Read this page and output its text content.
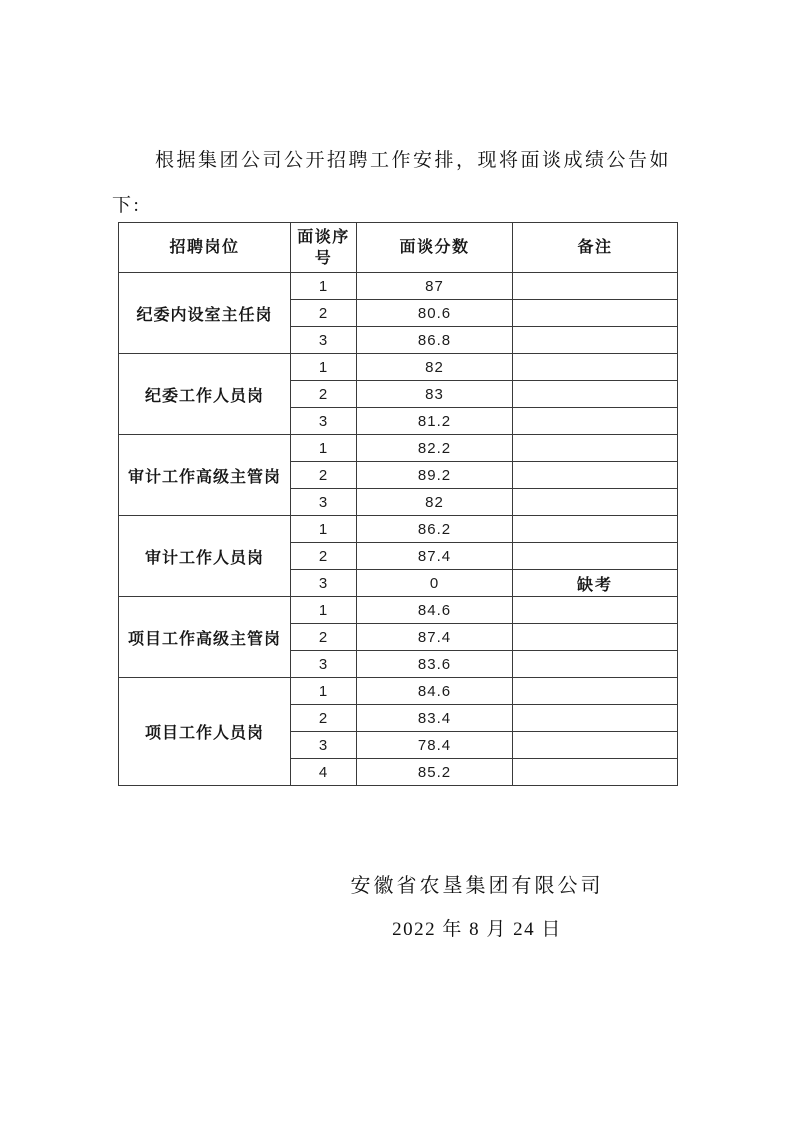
根据集团公司公开招聘工作安排，现将面谈成绩公告如
下:
招聘岗位	面谈序号	面谈分数	备注
纪委内设室主任岗	1	87	
	2	80.6	
	3	86.8	
纪委工作人员岗	1	82	
	2	83	
	3	81.2	
审计工作高级主管岗	1	82.2	
	2	89.2	
	3	82	
审计工作人员岗	1	86.2	
	2	87.4	
	3	0	缺考
项目工作高级主管岗	1	84.6	
	2	87.4	
	3	83.6	
项目工作人员岗	1	84.6	
	2	83.4	
	3	78.4	
	4	85.2	
安徽省农垦集团有限公司
2022 年 8 月 24 日
